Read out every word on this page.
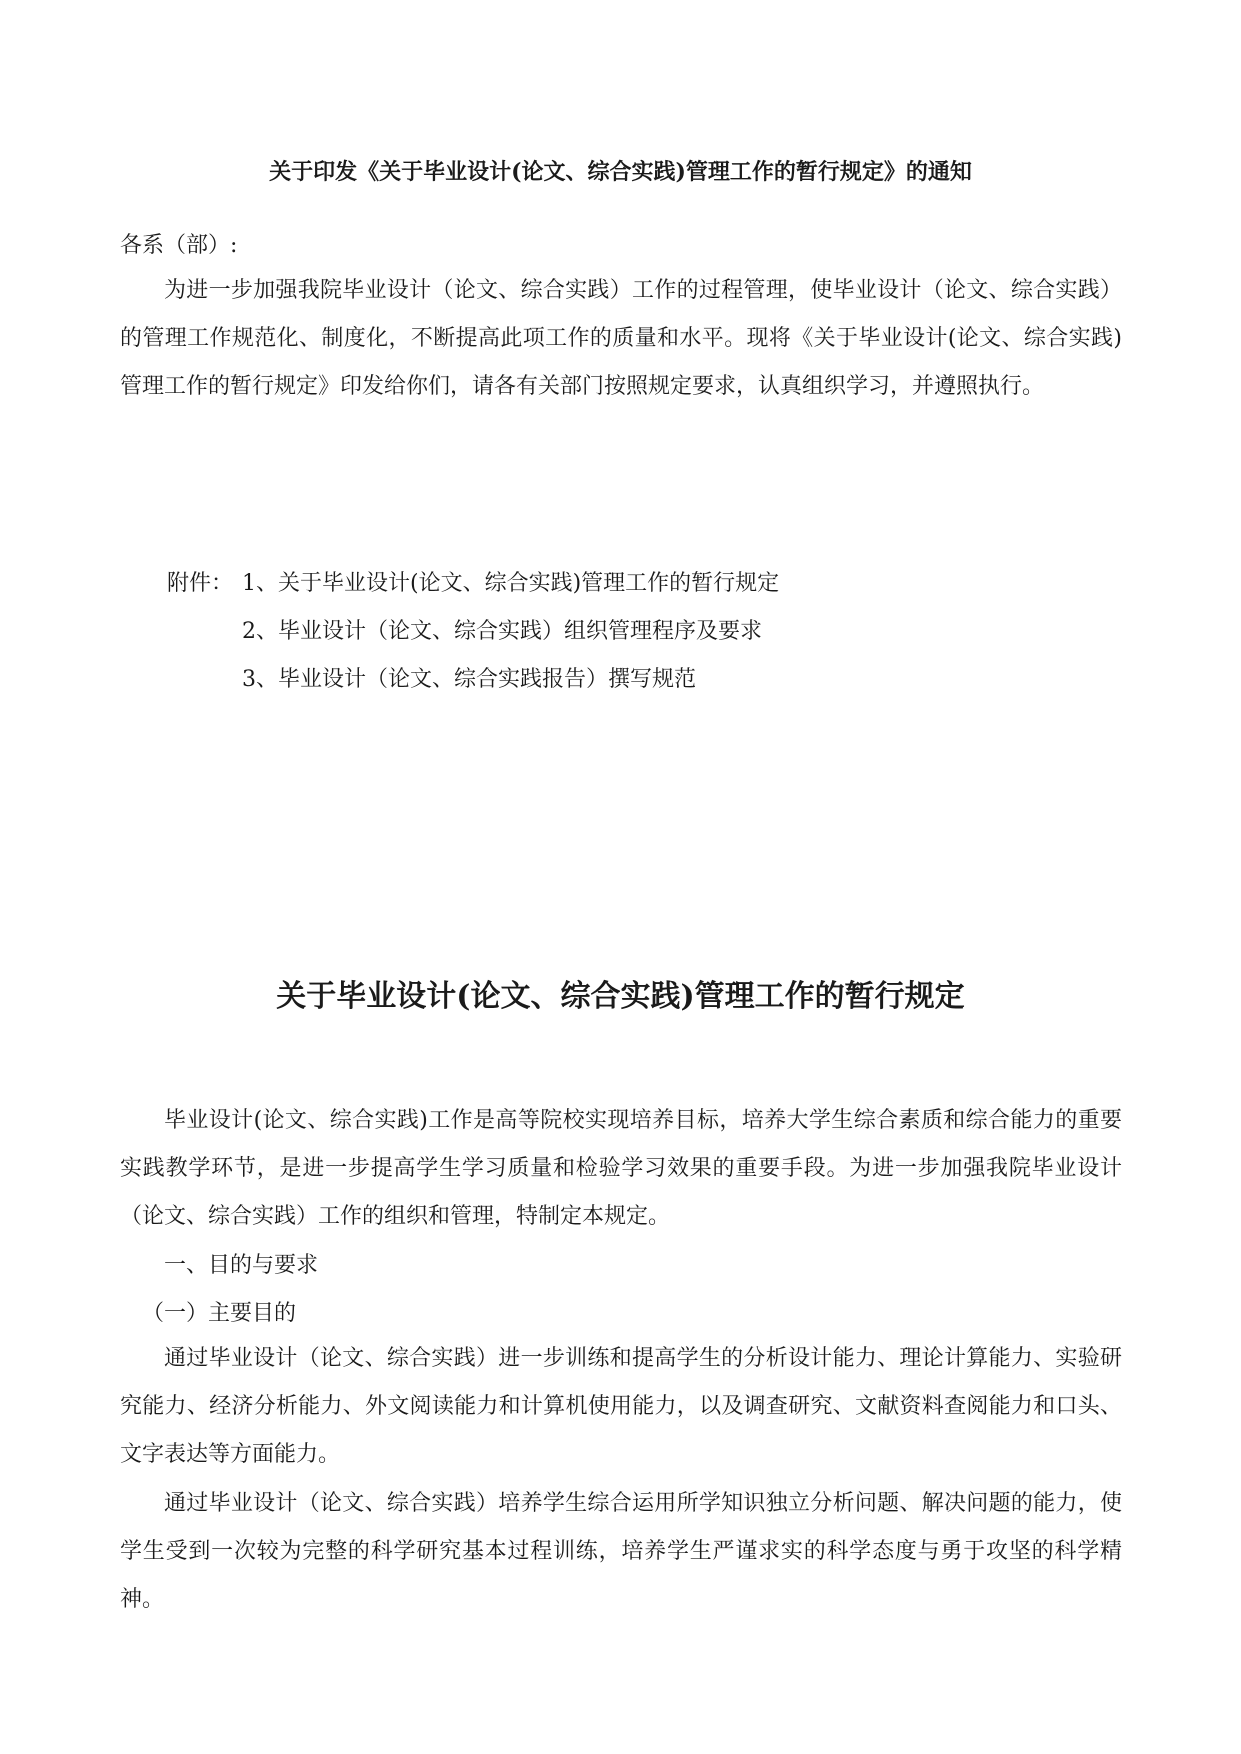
关于印发《关于毕业设计(论文、综合实践)管理工作的暂行规定》的通知

各系（部）:

为进一步加强我院毕业设计（论文、综合实践）工作的过程管理，使毕业设计（论文、综合实践）的管理工作规范化、制度化，不断提高此项工作的质量和水平。现将《关于毕业设计(论文、综合实践)管理工作的暂行规定》印发给你们，请各有关部门按照规定要求，认真组织学习，并遵照执行。

附件： 1、关于毕业设计(论文、综合实践)管理工作的暂行规定
2、毕业设计（论文、综合实践）组织管理程序及要求
3、毕业设计（论文、综合实践报告）撰写规范
关于毕业设计(论文、综合实践)管理工作的暂行规定

毕业设计(论文、综合实践)工作是高等院校实现培养目标，培养大学生综合素质和综合能力的重要实践教学环节，是进一步提高学生学习质量和检验学习效果的重要手段。为进一步加强我院毕业设计（论文、综合实践）工作的组织和管理，特制定本规定。

一、目的与要求

（一）主要目的

通过毕业设计（论文、综合实践）进一步训练和提高学生的分析设计能力、理论计算能力、实验研究能力、经济分析能力、外文阅读能力和计算机使用能力，以及调查研究、文献资料查阅能力和口头、文字表达等方面能力。

通过毕业设计（论文、综合实践）培养学生综合运用所学知识独立分析问题、解决问题的能力，使学生受到一次较为完整的科学研究基本过程训练，培养学生严谨求实的科学态度与勇于攻坚的科学精神。
